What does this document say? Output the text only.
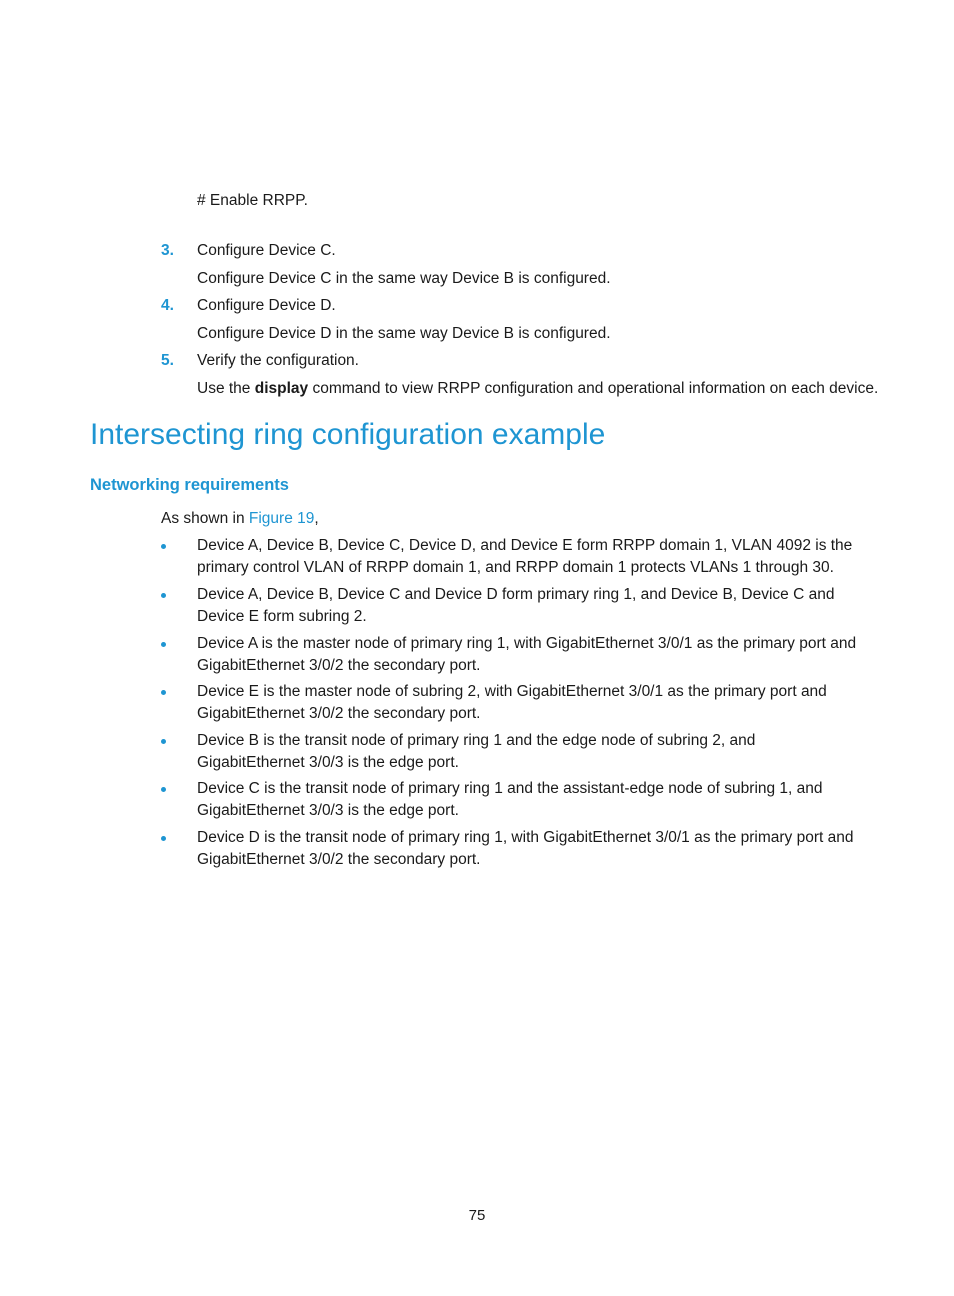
# Enable RRPP.
3. Configure Device C.
Configure Device C in the same way Device B is configured.
4. Configure Device D.
Configure Device D in the same way Device B is configured.
5. Verify the configuration.
Use the display command to view RRPP configuration and operational information on each device.
Intersecting ring configuration example
Networking requirements
As shown in Figure 19,
Device A, Device B, Device C, Device D, and Device E form RRPP domain 1, VLAN 4092 is the primary control VLAN of RRPP domain 1, and RRPP domain 1 protects VLANs 1 through 30.
Device A, Device B, Device C and Device D form primary ring 1, and Device B, Device C and Device E form subring 2.
Device A is the master node of primary ring 1, with GigabitEthernet 3/0/1 as the primary port and GigabitEthernet 3/0/2 the secondary port.
Device E is the master node of subring 2, with GigabitEthernet 3/0/1 as the primary port and GigabitEthernet 3/0/2 the secondary port.
Device B is the transit node of primary ring 1 and the edge node of subring 2, and GigabitEthernet 3/0/3 is the edge port.
Device C is the transit node of primary ring 1 and the assistant-edge node of subring 1, and GigabitEthernet 3/0/3 is the edge port.
Device D is the transit node of primary ring 1, with GigabitEthernet 3/0/1 as the primary port and GigabitEthernet 3/0/2 the secondary port.
75
